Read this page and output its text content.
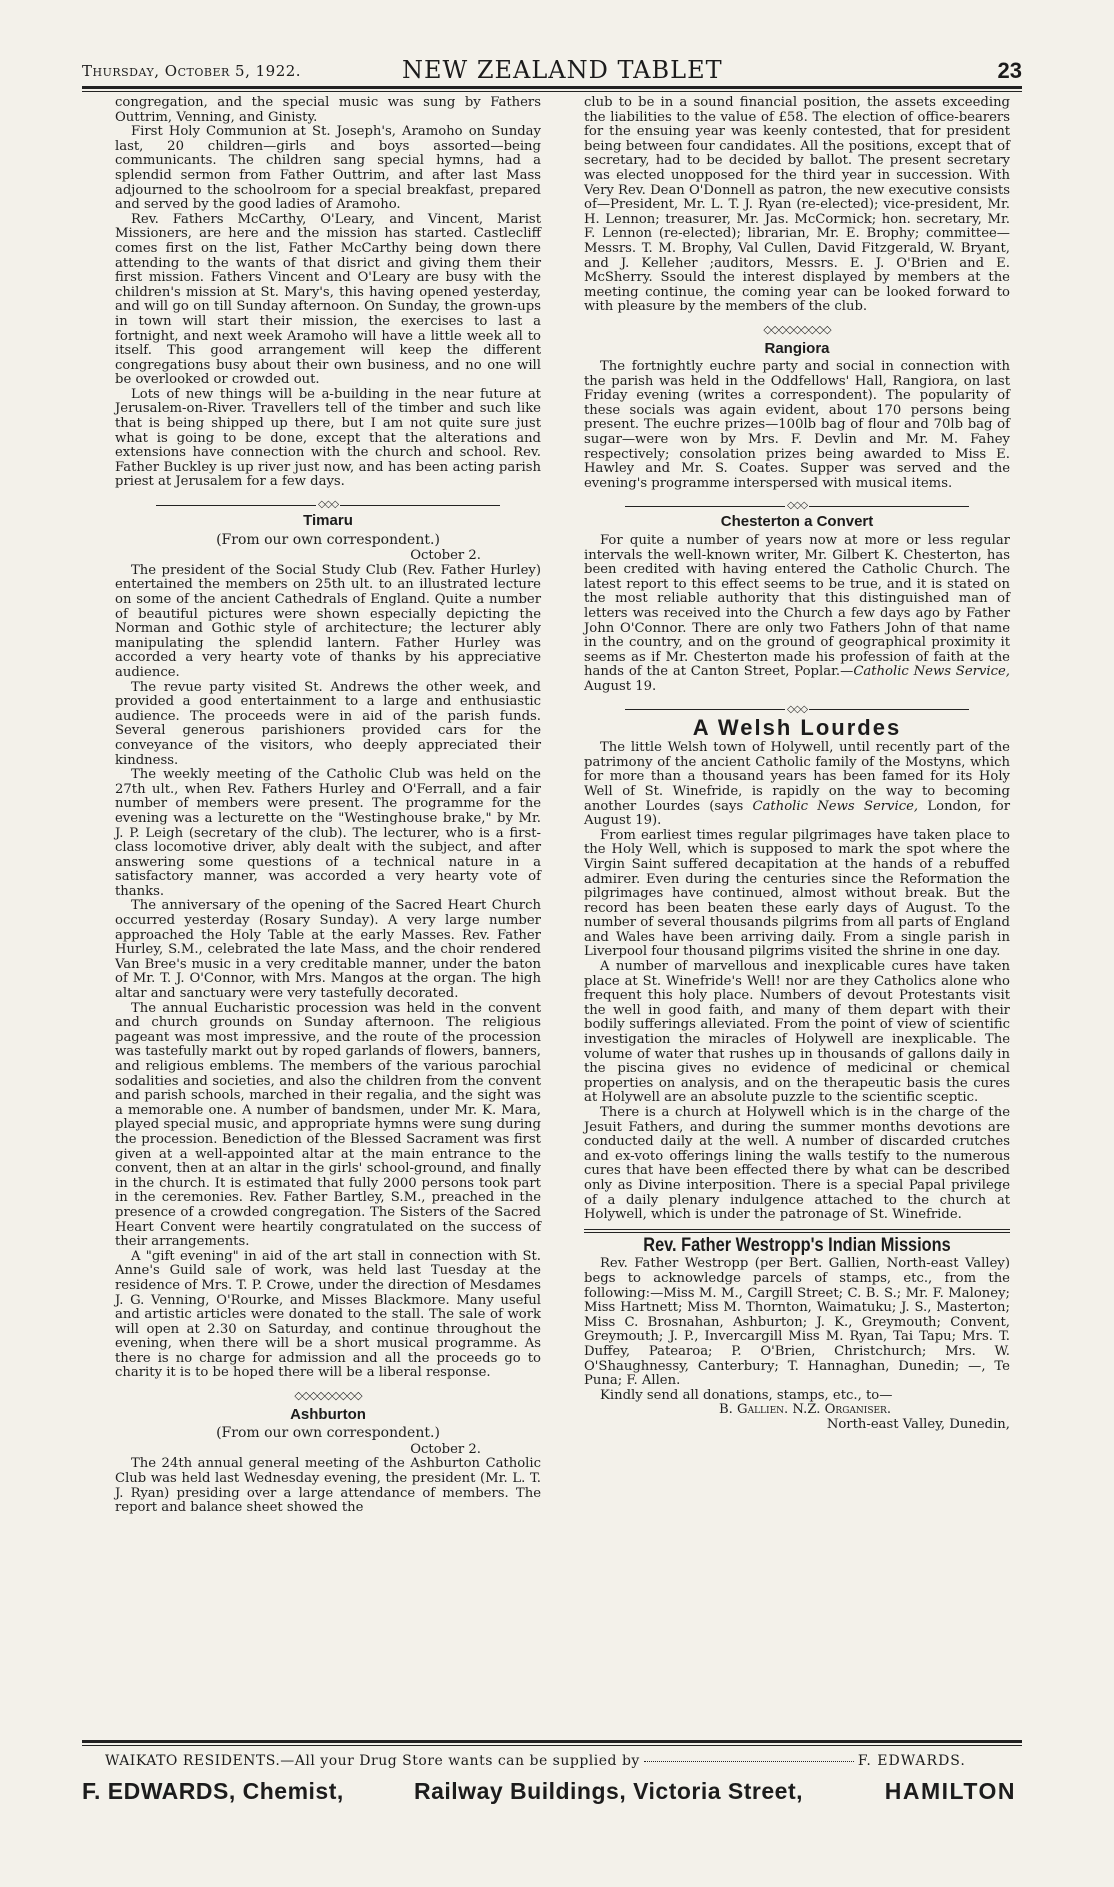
Thursday, October 5, 1922.	NEW ZEALAND TABLET	23

congregation, and the special music was sung by Fathers Outtrim, Venning, and Ginisty.

First Holy Communion at St. Joseph's, Aramoho on Sunday last, 20 children—girls and boys assorted—being communicants. The children sang special hymns, had a splendid sermon from Father Outtrim, and after last Mass adjourned to the schoolroom for a special breakfast, prepared and served by the good ladies of Aramoho.

Rev. Fathers McCarthy, O'Leary, and Vincent, Marist Missioners, are here and the mission has started. Castlecliff comes first on the list, Father McCarthy being down there attending to the wants of that disrict and giving them their first mission. Fathers Vincent and O'Leary are busy with the children's mission at St. Mary's, this having opened yesterday, and will go on till Sunday afternoon. On Sunday, the grown-ups in town will start their mission, the exercises to last a fortnight, and next week Aramoho will have a little week all to itself. This good arrangement will keep the different congregations busy about their own business, and no one will be overlooked or crowded out.

Lots of new things will be a-building in the near future at Jerusalem-on-River. Travellers tell of the timber and such like that is being shipped up there, but I am not quite sure just what is going to be done, except that the alterations and extensions have connection with the church and school. Rev. Father Buckley is up river just now, and has been acting parish priest at Jerusalem for a few days.

◇◇◇
Timaru
(From our own correspondent.)

October 2.

The president of the Social Study Club (Rev. Father Hurley) entertained the members on 25th ult. to an illustrated lecture on some of the ancient Cathedrals of England. Quite a number of beautiful pictures were shown especially depicting the Norman and Gothic style of architecture; the lecturer ably manipulating the splendid lantern. Father Hurley was accorded a very hearty vote of thanks by his appreciative audience.

The revue party visited St. Andrews the other week, and provided a good entertainment to a large and enthusiastic audience. The proceeds were in aid of the parish funds. Several generous parishioners provided cars for the conveyance of the visitors, who deeply appreciated their kindness.

The weekly meeting of the Catholic Club was held on the 27th ult., when Rev. Fathers Hurley and O'Ferrall, and a fair number of members were present. The programme for the evening was a lecturette on the "Westinghouse brake," by Mr. J. P. Leigh (secretary of the club). The lecturer, who is a first-class locomotive driver, ably dealt with the subject, and after answering some questions of a technical nature in a satisfactory manner, was accorded a very hearty vote of thanks.

The anniversary of the opening of the Sacred Heart Church occurred yesterday (Rosary Sunday). A very large number approached the Holy Table at the early Masses. Rev. Father Hurley, S.M., celebrated the late Mass, and the choir rendered Van Bree's music in a very creditable manner, under the baton of Mr. T. J. O'Connor, with Mrs. Mangos at the organ. The high altar and sanctuary were very tastefully decorated.

The annual Eucharistic procession was held in the convent and church grounds on Sunday afternoon. The religious pageant was most impressive, and the route of the procession was tastefully markt out by roped garlands of flowers, banners, and religious emblems. The members of the various parochial sodalities and societies, and also the children from the convent and parish schools, marched in their regalia, and the sight was a memorable one. A number of bandsmen, under Mr. K. Mara, played special music, and appropriate hymns were sung during the procession. Benediction of the Blessed Sacrament was first given at a well-appointed altar at the main entrance to the convent, then at an altar in the girls' school-ground, and finally in the church. It is estimated that fully 2000 persons took part in the ceremonies. Rev. Father Bartley, S.M., preached in the presence of a crowded congregation. The Sisters of the Sacred Heart Convent were heartily congratulated on the success of their arrangements.

A "gift evening" in aid of the art stall in connection with St. Anne's Guild sale of work, was held last Tuesday at the residence of Mrs. T. P. Crowe, under the direction of Mesdames J. G. Venning, O'Rourke, and Misses Blackmore. Many useful and artistic articles were donated to the stall. The sale of work will open at 2.30 on Saturday, and continue throughout the evening, when there will be a short musical programme. As there is no charge for admission and all the proceeds go to charity it is to be hoped there will be a liberal response.

◇◇◇◇◇◇◇◇◇
Ashburton
(From our own correspondent.)

October 2.

The 24th annual general meeting of the Ashburton Catholic Club was held last Wednesday evening, the president (Mr. L. T. J. Ryan) presiding over a large attendance of members. The report and balance sheet showed the

club to be in a sound financial position, the assets exceeding the liabilities to the value of £58. The election of office-bearers for the ensuing year was keenly contested, that for president being between four candidates. All the positions, except that of secretary, had to be decided by ballot. The present secretary was elected unopposed for the third year in succession. With Very Rev. Dean O'Donnell as patron, the new executive consists of—President, Mr. L. T. J. Ryan (re-elected); vice-president, Mr. H. Lennon; treasurer, Mr. Jas. McCormick; hon. secretary, Mr. F. Lennon (re-elected); librarian, Mr. E. Brophy; committee—Messrs. T. M. Brophy, Val Cullen, David Fitzgerald, W. Bryant, and J. Kelleher ;auditors, Messrs. E. J. O'Brien and E. McSherry. Ssould the interest displayed by members at the meeting continue, the coming year can be looked forward to with pleasure by the members of the club.

◇◇◇◇◇◇◇◇◇
Rangiora

The fortnightly euchre party and social in connection with the parish was held in the Oddfellows' Hall, Rangiora, on last Friday evening (writes a correspondent). The popularity of these socials was again evident, about 170 persons being present. The euchre prizes—100lb bag of flour and 70lb bag of sugar—were won by Mrs. F. Devlin and Mr. M. Fahey respectively; consolation prizes being awarded to Miss E. Hawley and Mr. S. Coates. Supper was served and the evening's programme interspersed with musical items.

◇◇◇
Chesterton a Convert

For quite a number of years now at more or less regular intervals the well-known writer, Mr. Gilbert K. Chesterton, has been credited with having entered the Catholic Church. The latest report to this effect seems to be true, and it is stated on the most reliable authority that this distinguished man of letters was received into the Church a few days ago by Father John O'Connor. There are only two Fathers John of that name in the country, and on the ground of geographical proximity it seems as if Mr. Chesterton made his profession of faith at the hands of the at Canton Street, Poplar.—Catholic News Service, August 19.

◇◇◇
A Welsh Lourdes

The little Welsh town of Holywell, until recently part of the patrimony of the ancient Catholic family of the Mostyns, which for more than a thousand years has been famed for its Holy Well of St. Winefride, is rapidly on the way to becoming another Lourdes (says Catholic News Service, London, for August 19).

From earliest times regular pilgrimages have taken place to the Holy Well, which is supposed to mark the spot where the Virgin Saint suffered decapitation at the hands of a rebuffed admirer. Even during the centuries since the Reformation the pilgrimages have continued, almost without break. But the record has been beaten these early days of August. To the number of several thousands pilgrims from all parts of England and Wales have been arriving daily. From a single parish in Liverpool four thousand pilgrims visited the shrine in one day.

A number of marvellous and inexplicable cures have taken place at St. Winefride's Well! nor are they Catholics alone who frequent this holy place. Numbers of devout Protestants visit the well in good faith, and many of them depart with their bodily sufferings alleviated. From the point of view of scientific investigation the miracles of Holywell are inexplicable. The volume of water that rushes up in thousands of gallons daily in the piscina gives no evidence of medicinal or chemical properties on analysis, and on the therapeutic basis the cures at Holywell are an absolute puzzle to the scientific sceptic.

There is a church at Holywell which is in the charge of the Jesuit Fathers, and during the summer months devotions are conducted daily at the well. A number of discarded crutches and ex-voto offerings lining the walls testify to the numerous cures that have been effected there by what can be described only as Divine interposition. There is a special Papal privilege of a daily plenary indulgence attached to the church at Holywell, which is under the patronage of St. Winefride.

Rev. Father Westropp's Indian Missions

Rev. Father Westropp (per Bert. Gallien, North-east Valley) begs to acknowledge parcels of stamps, etc., from the following:—Miss M. M., Cargill Street; C. B. S.; Mr. F. Maloney; Miss Hartnett; Miss M. Thornton, Waimatuku; J. S., Masterton; Miss C. Brosnahan, Ashburton; J. K., Greymouth; Convent, Greymouth; J. P., Invercargill Miss M. Ryan, Tai Tapu; Mrs. T. Duffey, Patearoa; P. O'Brien, Christchurch; Mrs. W. O'Shaughnessy, Canterbury; T. Hannaghan, Dunedin; —, Te Puna; F. Allen.

Kindly send all donations, stamps, etc., to—

B. Gallien. N.Z. Organiser.

North-east Valley, Dunedin,

WAIKATO RESIDENTS.—All your Drug Store wants can be supplied by	F. EDWARDS.
F. EDWARDS, Chemist,	Railway Buildings, Victoria Street,	HAMILTON
